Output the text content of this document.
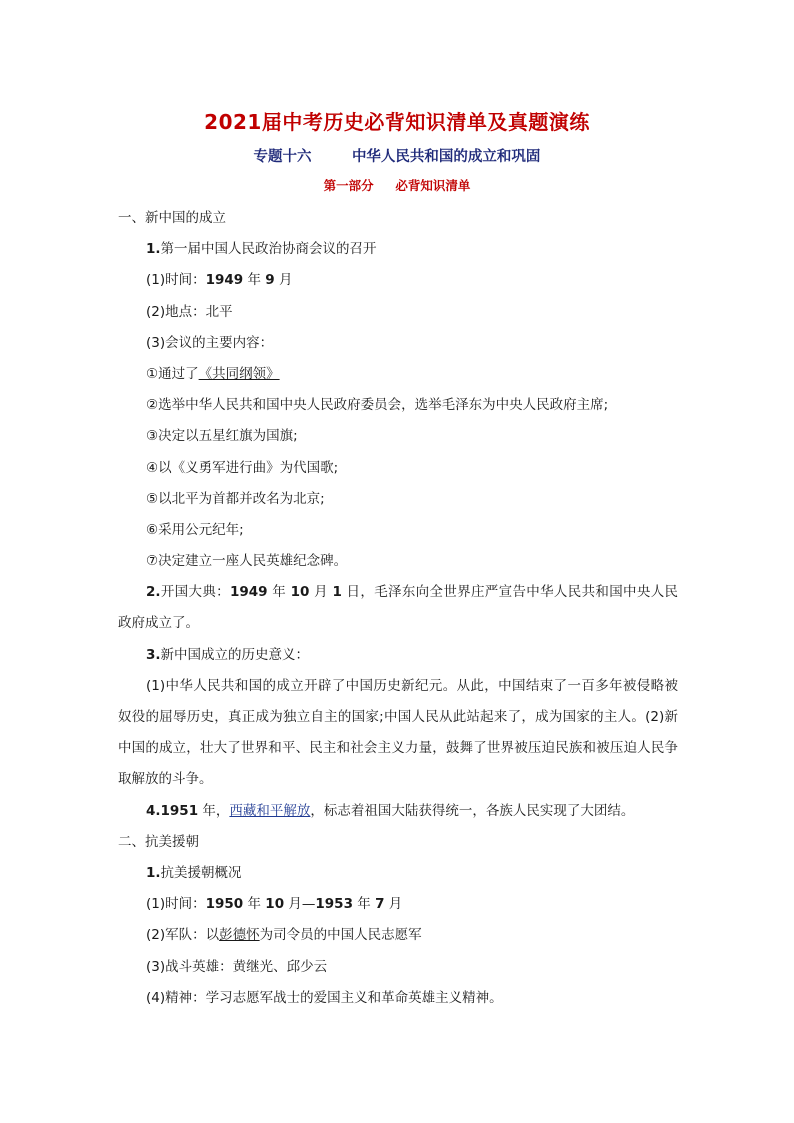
2021届中考历史必背知识清单及真题演练
专题十六	中华人民共和国的成立和巩固
第一部分 必背知识清单
一、新中国的成立
1.第一届中国人民政治协商会议的召开
(1)时间：1949 年 9 月
(2)地点：北平
(3)会议的主要内容：
①通过了《共同纲领》
②选举中华人民共和国中央人民政府委员会，选举毛泽东为中央人民政府主席;
③决定以五星红旗为国旗;
④以《义勇军进行曲》为代国歌;
⑤以北平为首都并改名为北京;
⑥采用公元纪年;
⑦决定建立一座人民英雄纪念碑。
2.开国大典：1949 年 10 月 1 日，毛泽东向全世界庄严宣告中华人民共和国中央人民政府成立了。
3.新中国成立的历史意义：
(1)中华人民共和国的成立开辟了中国历史新纪元。从此，中国结束了一百多年被侵略被奴役的屈辱历史，真正成为独立自主的国家;中国人民从此站起来了，成为国家的主人。(2)新中国的成立，壮大了世界和平、民主和社会主义力量，鼓舞了世界被压迫民族和被压迫人民争取解放的斗争。
4.1951 年，西藏和平解放，标志着祖国大陆获得统一，各族人民实现了大团结。
二、抗美援朝
1.抗美援朝概况
(1)时间：1950 年 10 月—1953 年 7 月
(2)军队：以彭德怀为司令员的中国人民志愿军
(3)战斗英雄：黄继光、邱少云
(4)精神：学习志愿军战士的爱国主义和革命英雄主义精神。
